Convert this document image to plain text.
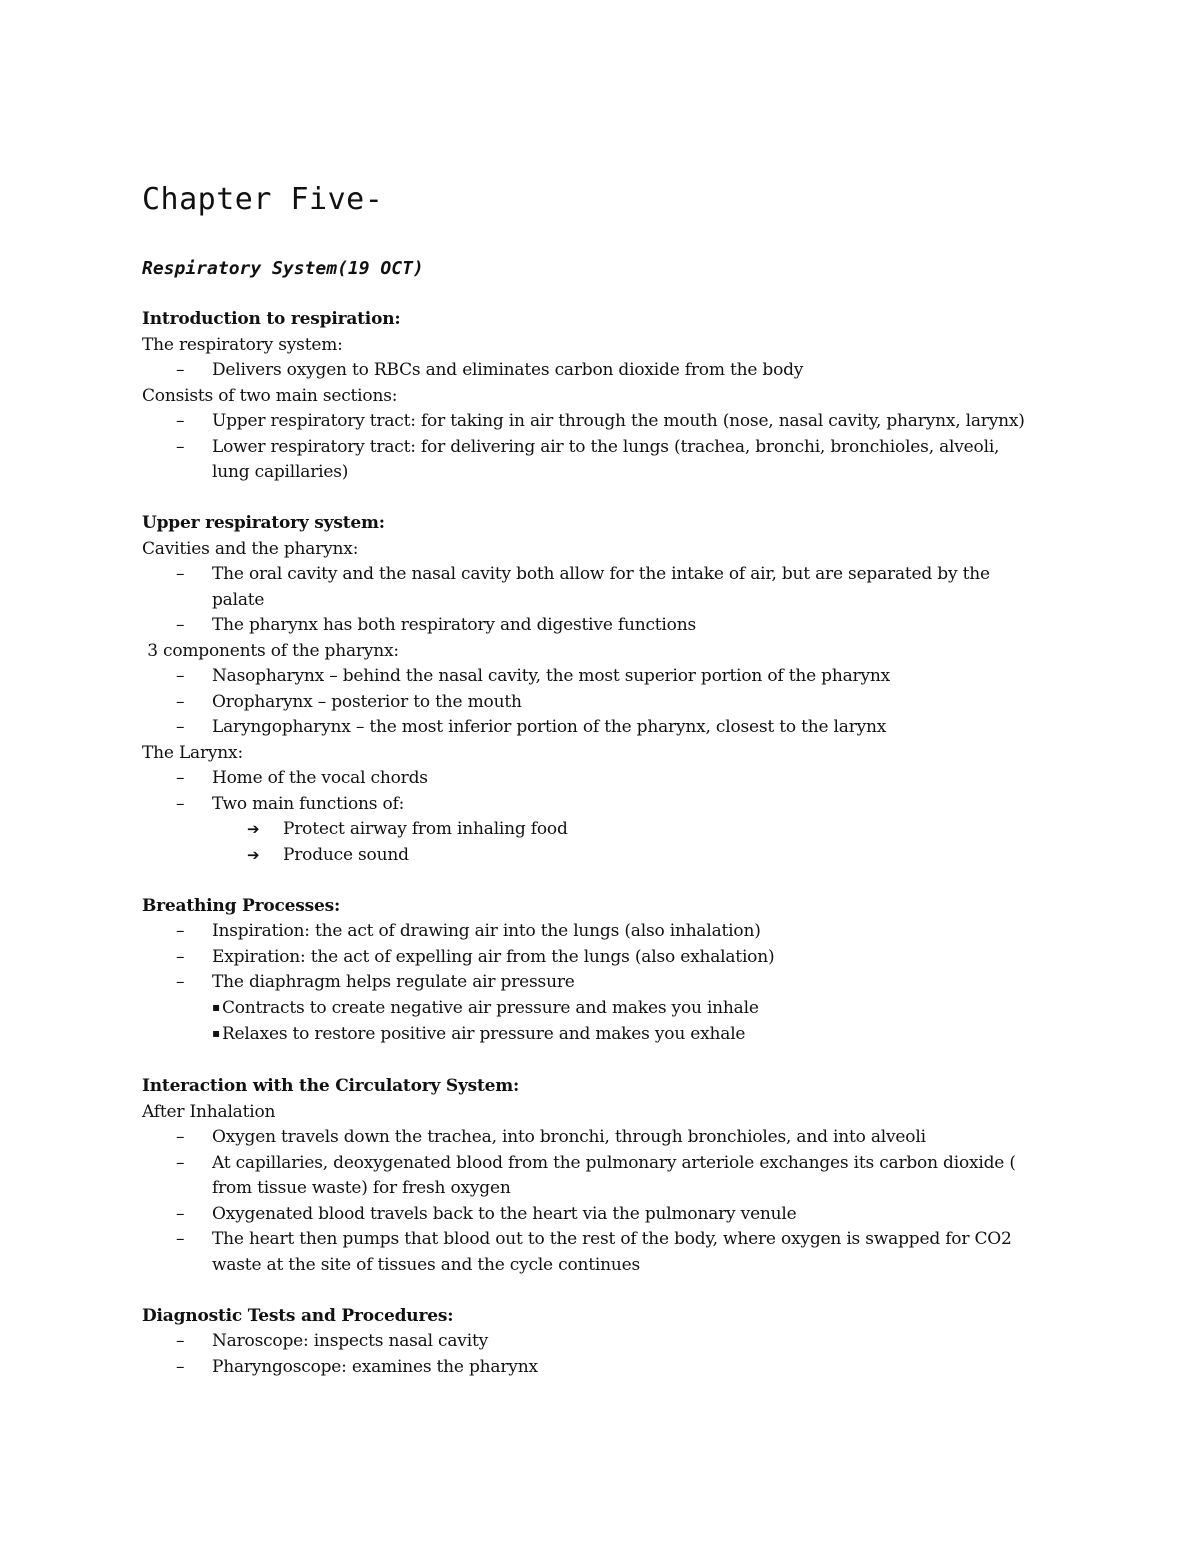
Chapter Five-
Respiratory System(19 OCT)
Introduction to respiration:
The respiratory system:
– Delivers oxygen to RBCs and eliminates carbon dioxide from the body
Consists of two main sections:
– Upper respiratory tract: for taking in air through the mouth (nose, nasal cavity, pharynx, larynx)
– Lower respiratory tract: for delivering air to the lungs (trachea, bronchi, bronchioles, alveoli,
lung capillaries)
Upper respiratory system:
Cavities and the pharynx:
– The oral cavity and the nasal cavity both allow for the intake of air, but are separated by the
palate
– The pharynx has both respiratory and digestive functions
3 components of the pharynx:
– Nasopharynx – behind the nasal cavity, the most superior portion of the pharynx
– Oropharynx – posterior to the mouth
– Laryngopharynx – the most inferior portion of the pharynx, closest to the larynx
The Larynx:
– Home of the vocal chords
– Two main functions of:
➔ Protect airway from inhaling food
➔ Produce sound
Breathing Processes:
– Inspiration: the act of drawing air into the lungs (also inhalation)
– Expiration: the act of expelling air from the lungs (also exhalation)
– The diaphragm helps regulate air pressure
▪ Contracts to create negative air pressure and makes you inhale
▪ Relaxes to restore positive air pressure and makes you exhale
Interaction with the Circulatory System:
After Inhalation
– Oxygen travels down the trachea, into bronchi, through bronchioles, and into alveoli
– At capillaries, deoxygenated blood from the pulmonary arteriole exchanges its carbon dioxide (
from tissue waste) for fresh oxygen
– Oxygenated blood travels back to the heart via the pulmonary venule
– The heart then pumps that blood out to the rest of the body, where oxygen is swapped for CO2
waste at the site of tissues and the cycle continues
Diagnostic Tests and Procedures:
– Naroscope: inspects nasal cavity
– Pharyngoscope: examines the pharynx
